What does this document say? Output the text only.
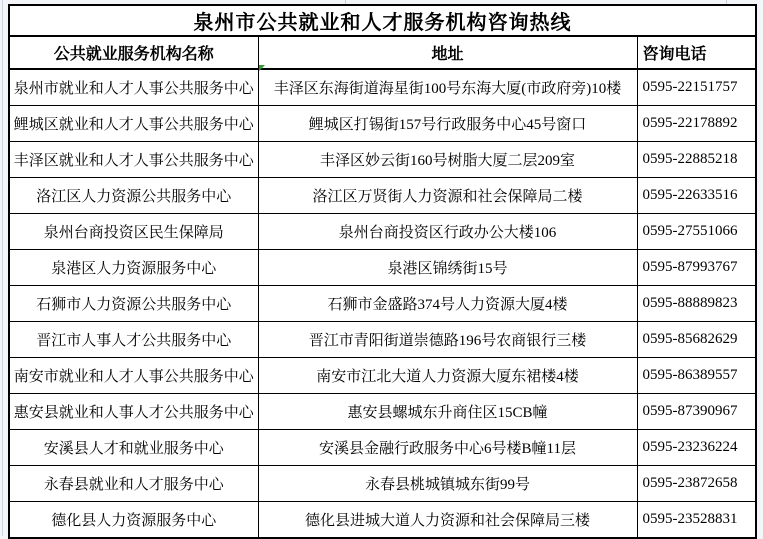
泉州市公共就业和人才服务机构咨询热线		
公共就业服务机构名称	地址	咨询电话
泉州市就业和人才人事公共服务中心	丰泽区东海街道海星街100号东海大厦(市政府旁)10楼	0595-22151757
鲤城区就业和人才人事公共服务中心	鲤城区打锡街157号行政服务中心45号窗口	0595-22178892
丰泽区就业和人才人事公共服务中心	丰泽区妙云街160号树脂大厦二层209室	0595-22885218
洛江区人力资源公共服务中心	洛江区万贤街人力资源和社会保障局二楼	0595-22633516
泉州台商投资区民生保障局	泉州台商投资区行政办公大楼106	0595-27551066
泉港区人力资源服务中心	泉港区锦绣街15号	0595-87993767
石狮市人力资源公共服务中心	石狮市金盛路374号人力资源大厦4楼	0595-88889823
晋江市人事人才公共服务中心	晋江市青阳街道崇德路196号农商银行三楼	0595-85682629
南安市就业和人才人事公共服务中心	南安市江北大道人力资源大厦东裙楼4楼	0595-86389557
惠安县就业和人事人才公共服务中心	惠安县螺城东升商住区15CB幢	0595-87390967
安溪县人才和就业服务中心	安溪县金融行政服务中心6号楼B幢11层	0595-23236224
永春县就业和人才服务中心	永春县桃城镇城东街99号	0595-23872658
德化县人力资源服务中心	德化县进城大道人力资源和社会保障局三楼	0595-23528831
